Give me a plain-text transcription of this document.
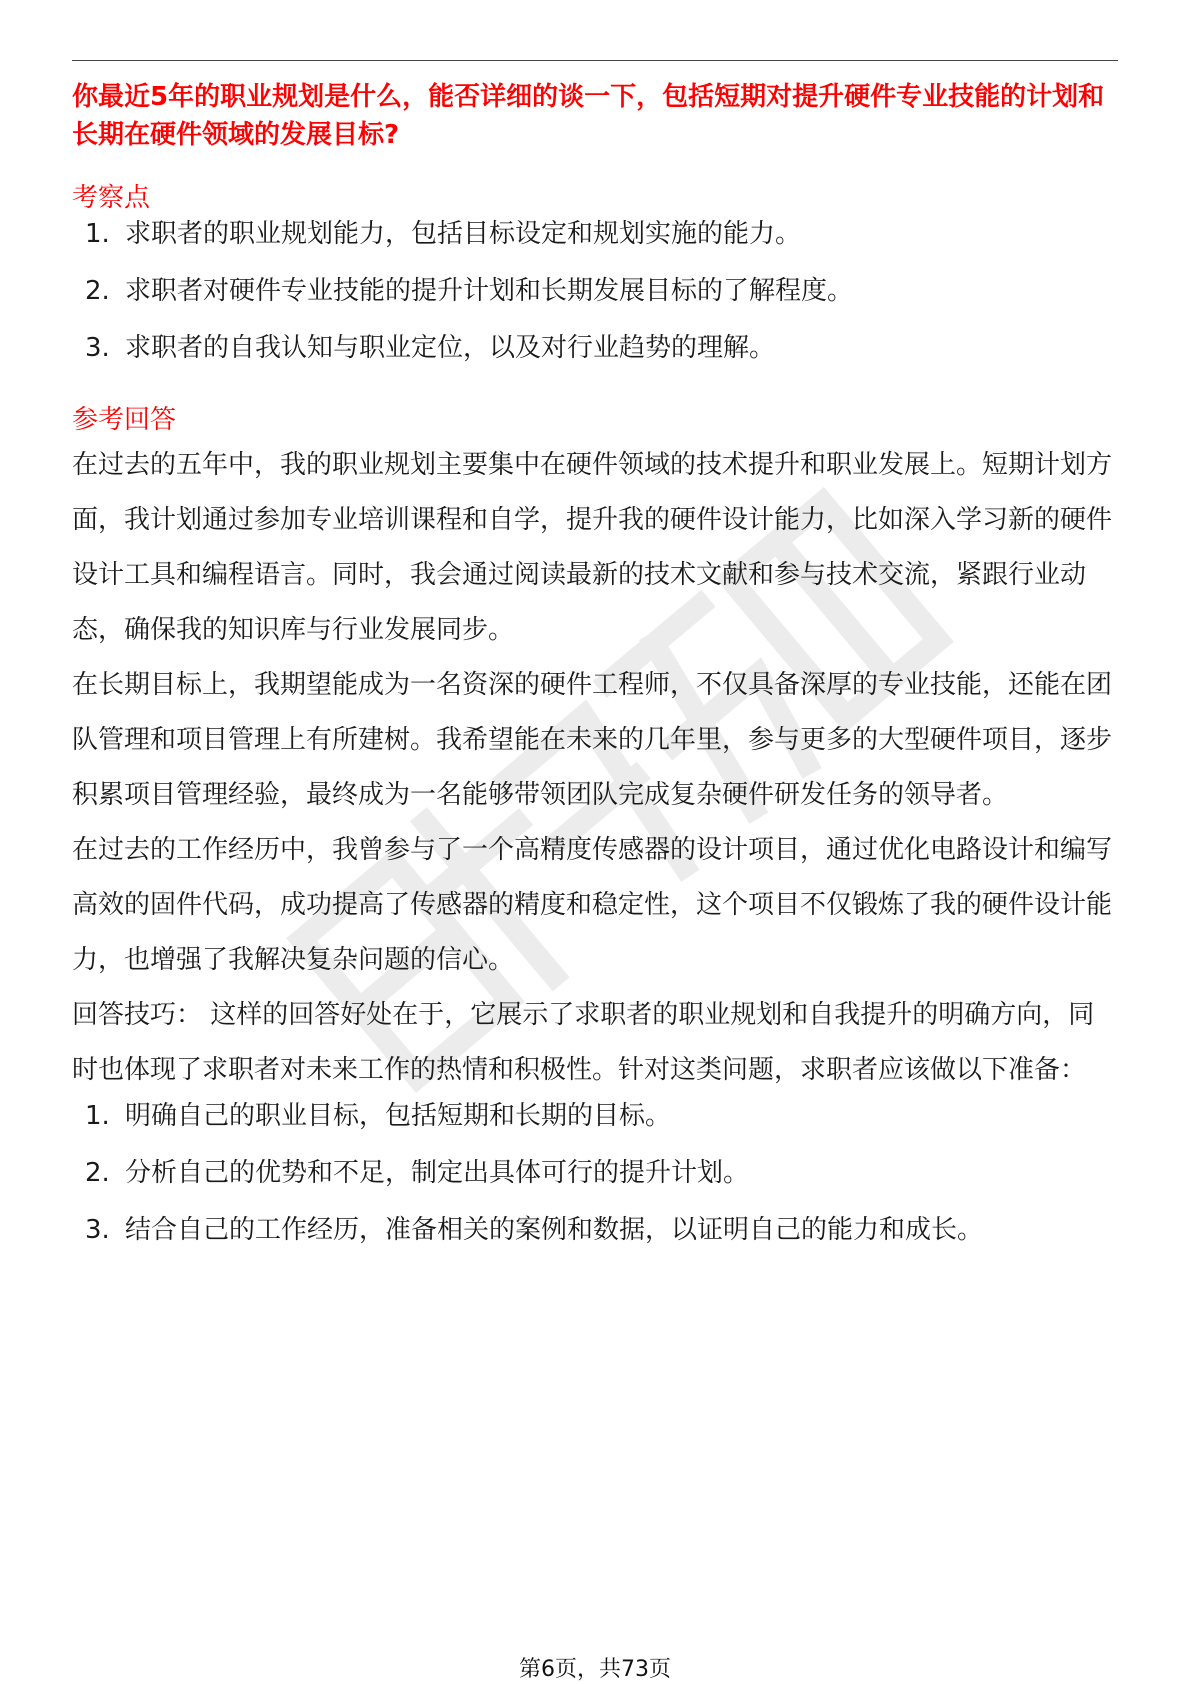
你最近5年的职业规划是什么，能否详细的谈一下，包括短期对提升硬件专业技能的计划和长期在硬件领域的发展目标?

考察点
1. 求职者的职业规划能力，包括目标设定和规划实施的能力。
2. 求职者对硬件专业技能的提升计划和长期发展目标的了解程度。
3. 求职者的自我认知与职业定位，以及对行业趋势的理解。
参考回答

在过去的五年中，我的职业规划主要集中在硬件领域的技术提升和职业发展上。短期计划方面，我计划通过参加专业培训课程和自学，提升我的硬件设计能力，比如深入学习新的硬件设计工具和编程语言。同时，我会通过阅读最新的技术文献和参与技术交流，紧跟行业动态，确保我的知识库与行业发展同步。

在长期目标上，我期望能成为一名资深的硬件工程师，不仅具备深厚的专业技能，还能在团队管理和项目管理上有所建树。我希望能在未来的几年里，参与更多的大型硬件项目，逐步积累项目管理经验，最终成为一名能够带领团队完成复杂硬件研发任务的领导者。

在过去的工作经历中，我曾参与了一个高精度传感器的设计项目，通过优化电路设计和编写高效的固件代码，成功提高了传感器的精度和稳定性，这个项目不仅锻炼了我的硬件设计能力，也增强了我解决复杂问题的信心。

回答技巧： 这样的回答好处在于，它展示了求职者的职业规划和自我提升的明确方向，同时也体现了求职者对未来工作的热情和积极性。针对这类问题，求职者应该做以下准备：

1. 明确自己的职业目标，包括短期和长期的目标。
2. 分析自己的优势和不足，制定出具体可行的提升计划。
3. 结合自己的工作经历，准备相关的案例和数据，以证明自己的能力和成长。
第6页，共73页
